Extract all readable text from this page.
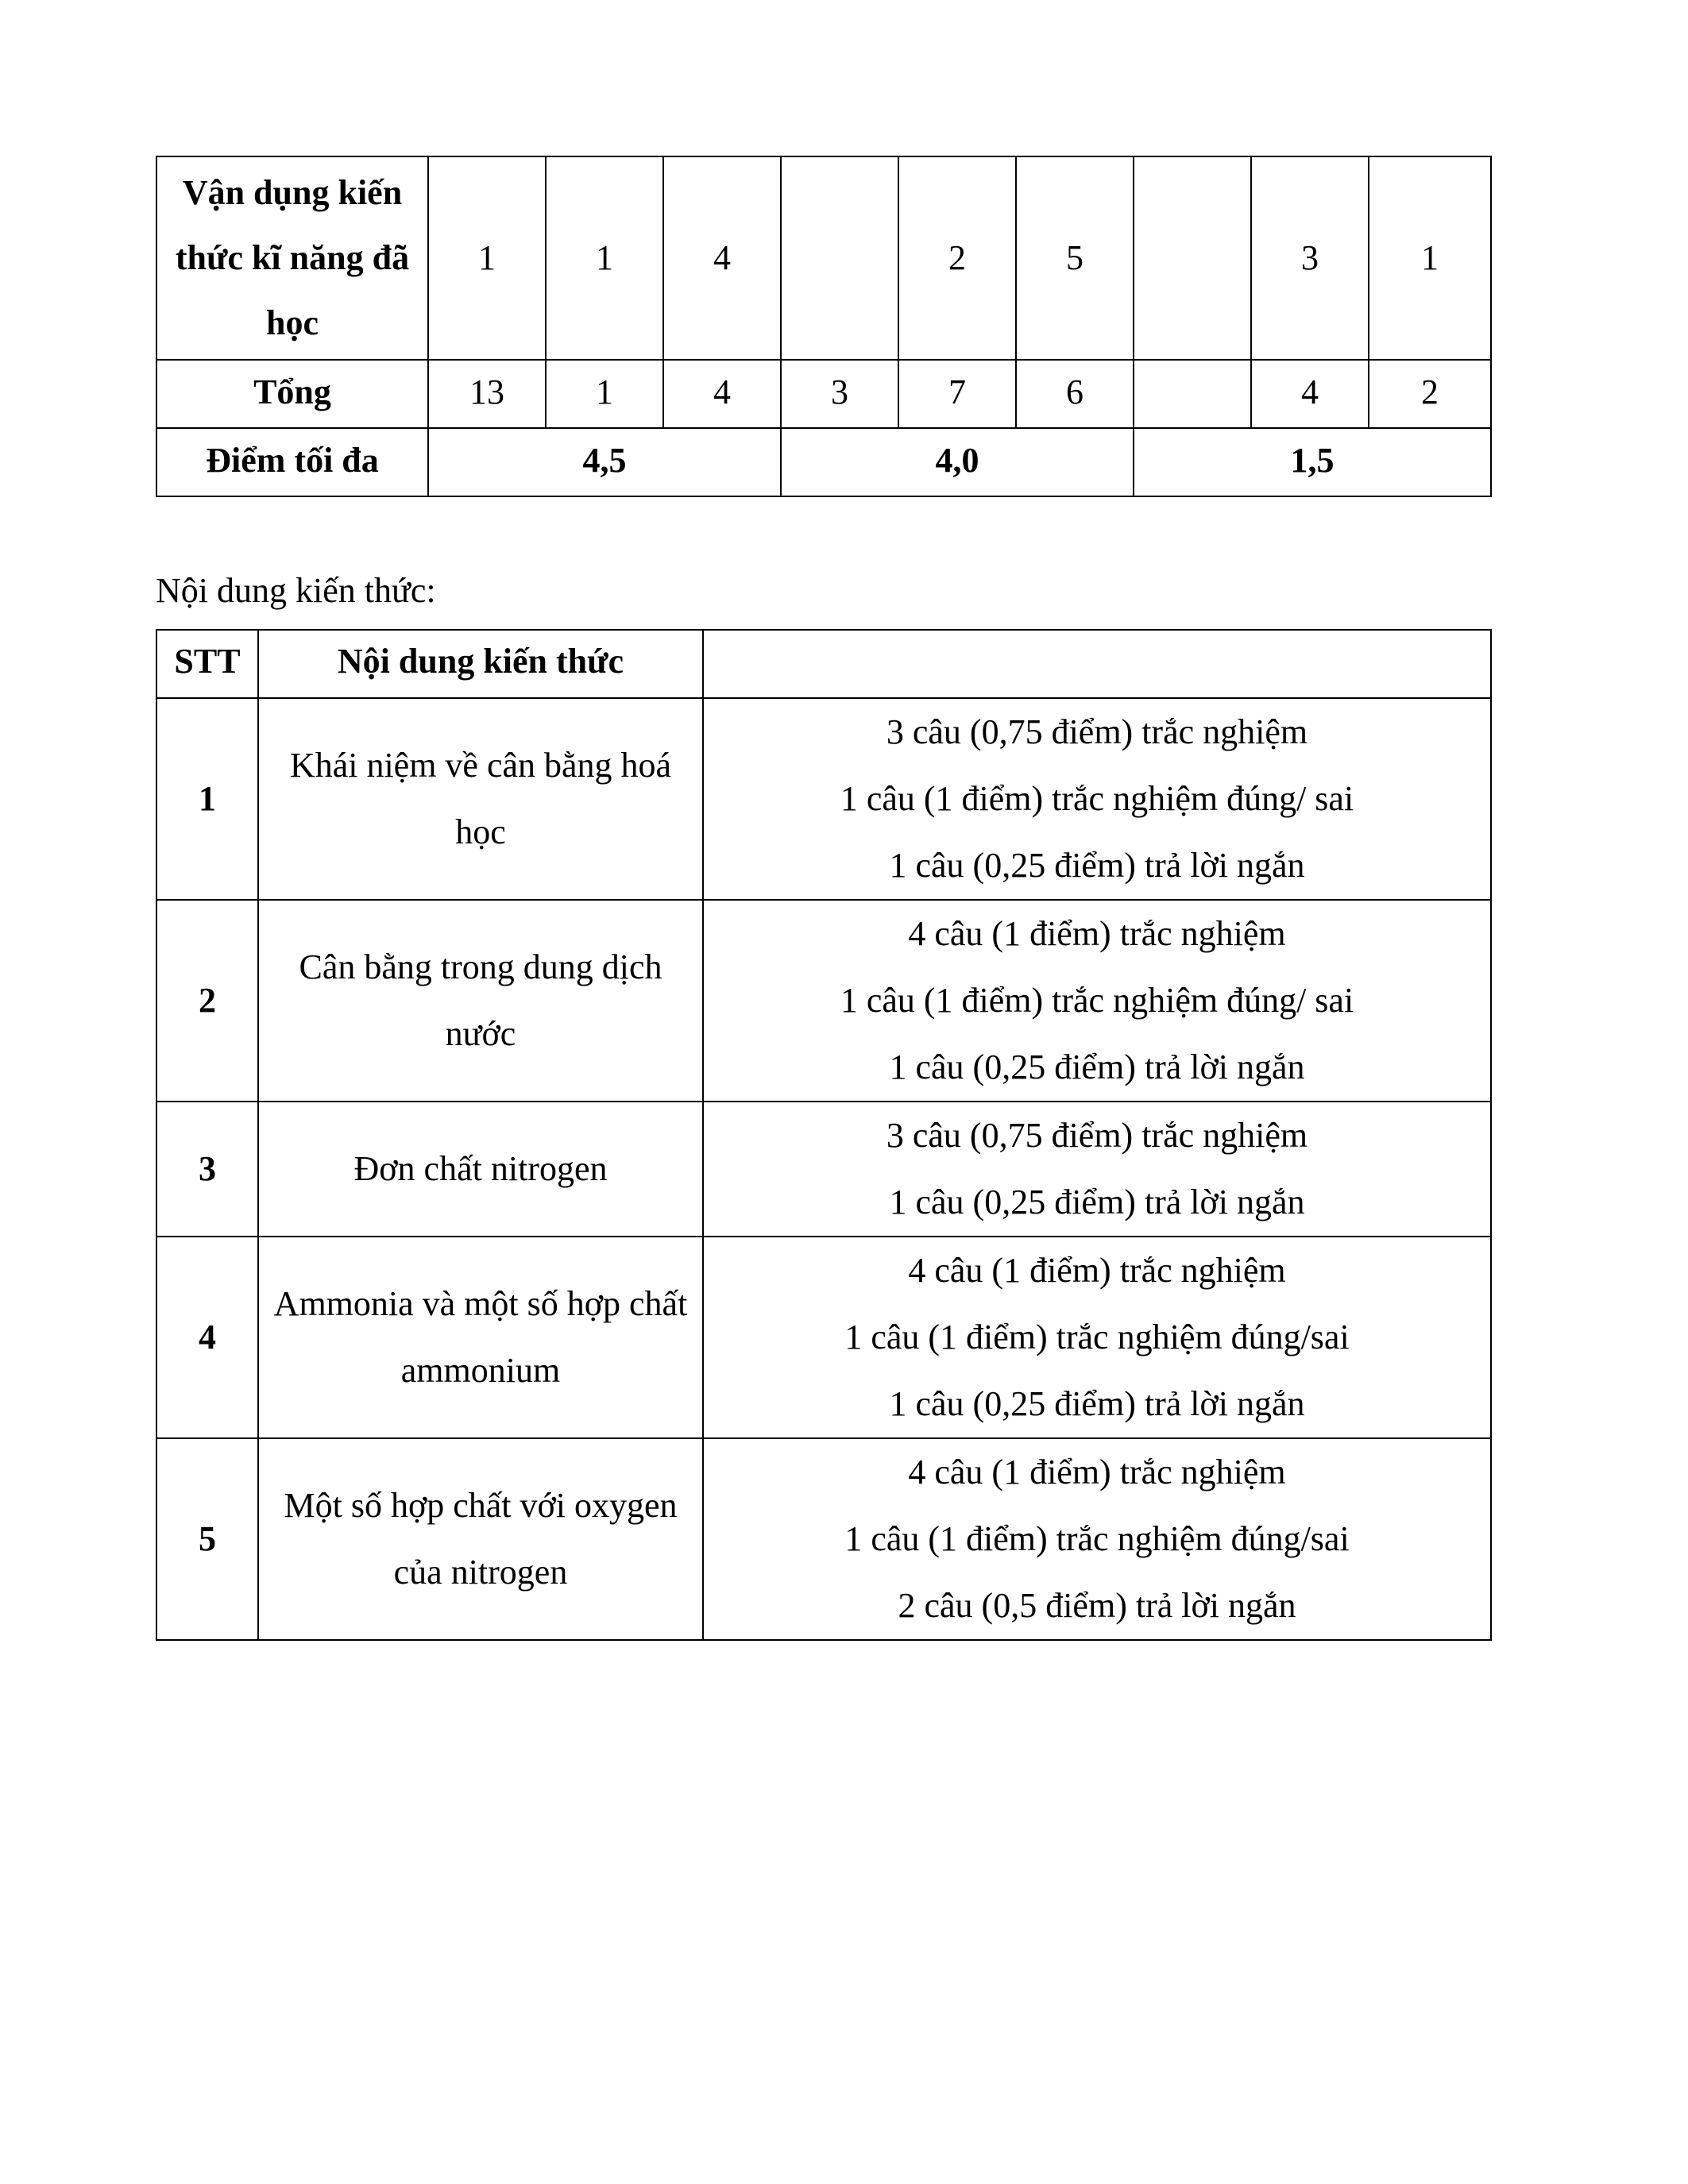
Vận dụng kiến thức kĩ năng đã học	1	1	4		2	5		3	1
Tổng	13	1	4	3	7	6		4	2
Điểm tối đa	4,5			4,0			1,5		

Nội dung kiến thức:

STT	Nội dung kiến thức	
1	Khái niệm về cân bằng hoá học	3 câu (0,75 điểm) trắc nghiệm
1 câu (1 điểm) trắc nghiệm đúng/ sai
1 câu (0,25 điểm) trả lời ngắn

2	Cân bằng trong dung dịch nước	4 câu (1 điểm) trắc nghiệm
1 câu (1 điểm) trắc nghiệm đúng/ sai
1 câu (0,25 điểm) trả lời ngắn

3	Đơn chất nitrogen	3 câu (0,75 điểm) trắc nghiệm
1 câu (0,25 điểm) trả lời ngắn

4	Ammonia và một số hợp chất ammonium	4 câu (1 điểm) trắc nghiệm
1 câu (1 điểm) trắc nghiệm đúng/sai
1 câu (0,25 điểm) trả lời ngắn

5	Một số hợp chất với oxygen của nitrogen	4 câu (1 điểm) trắc nghiệm
1 câu (1 điểm) trắc nghiệm đúng/sai
2 câu (0,5 điểm) trả lời ngắn
